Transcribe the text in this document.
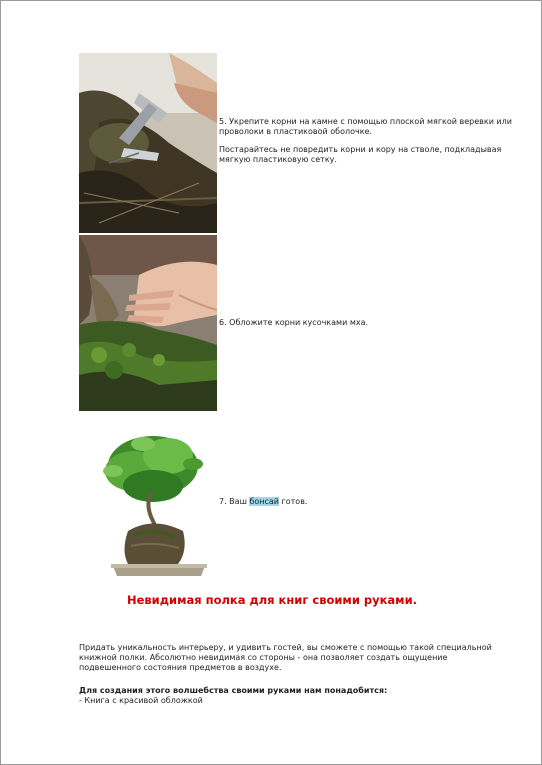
5. Укрепите корни на камне с помощью плоской мягкой веревки или проволоки в пластиковой оболочке.

Постарайтесь не повредить корни и кору на стволе, подкладывая мягкую пластиковую сетку.

6. Обложите корни кусочками мха.

7. Ваш бонсай готов.

Невидимая полка для книг своими руками.
Придать уникальность интерьеру, и удивить гостей, вы сможете с помощью такой специальной книжной полки. Абсолютно невидимая со стороны - она позволяет создать ощущение подвешенного состояния предметов в воздухе.
Для создания этого волшебства своими руками нам понадобится:
- Книга с красивой обложкой
